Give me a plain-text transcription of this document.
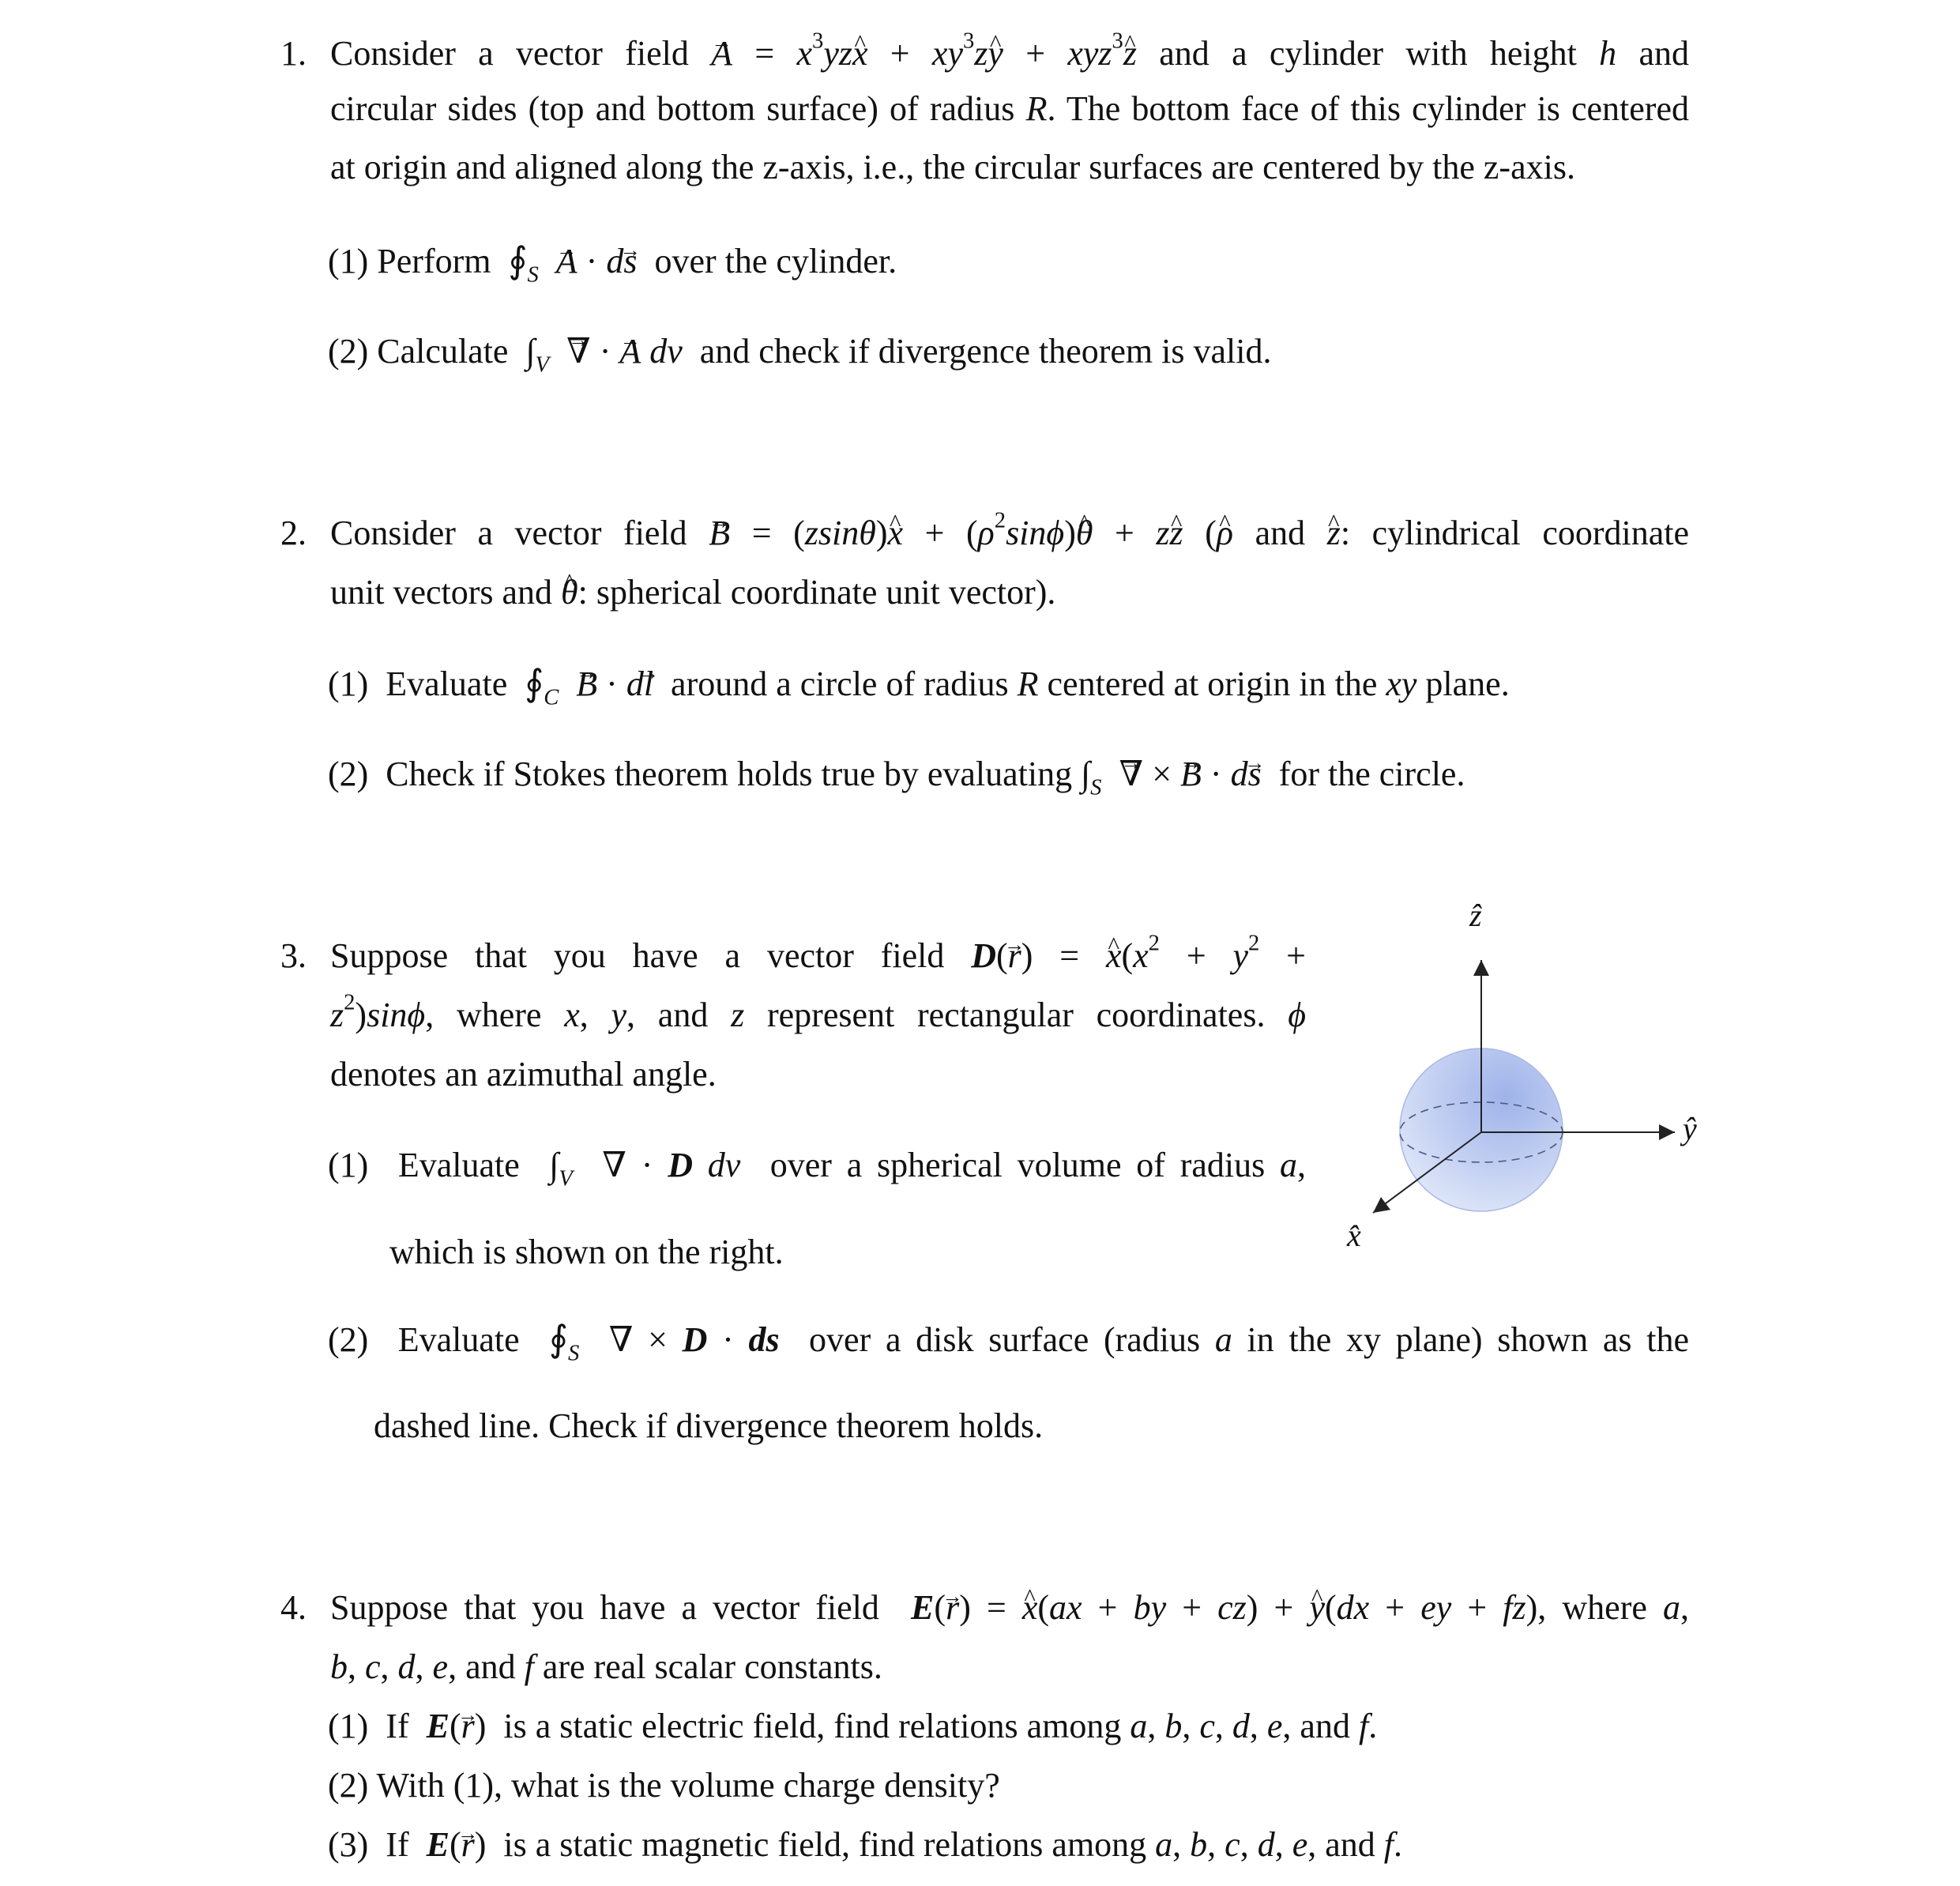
1. Consider a vector field A → = $x^3yzx$ ^ + $xy^3zy$ ^ + xyz$^3$z ^ and a cylinder with height h and
circular sides (top and bottom surface) of radius R. The bottom face of this cylinder is centered
at origin and aligned along the z-axis, i.e., the circular surfaces are centered by the z-axis.
(1) Perform  $∮_S$ A → · ds →  over the cylinder.
(2) Calculate  $\int_V$ ∇ → · A → dv  and check if divergence theorem is valid.
2. Consider a vector field B → = (zsinθ)x ^ + $(\rho^2\sin\phi)\theta$ ^ + zz ^ (ρ ^ and z ^: cylindrical coordinate
unit vectors and θ ^: spherical coordinate unit vector).
(1)  Evaluate  $∮_C$ B → · dl →  around a circle of radius R centered at origin in the xy plane.
(2)  Check if Stokes theorem holds true by evaluating $\int_S$ ∇ → × B → · ds →  for the circle.
3. Suppose that you have a vector field D(r →) = x $\^{}(x^2 + y^2$ +
$z^2)\sin\phi$, where x, y, and z represent rectangular coordinates. ϕ
denotes an azimuthal angle.
(1)  Evaluate  $\int_V$  ∇ · D dv  over a spherical volume of radius a,
which is shown on the right.
(2)  Evaluate  $∮_S$  ∇ × D · ds  over a disk surface (radius a in the xy plane) shown as the
dashed line. Check if divergence theorem holds.
ẑ
ŷ
x̂
4. Suppose that you have a vector field  E(r →) = x ^(ax + by + cz) + y ^(dx + ey + fz), where a,
b, c, d, e, and f are real scalar constants.
(1)  If  E(r →)  is a static electric field, find relations among a, b, c, d, e, and f.
(2) With (1), what is the volume charge density?
(3)  If  E(r →)  is a static magnetic field, find relations among a, b, c, d, e, and f.
